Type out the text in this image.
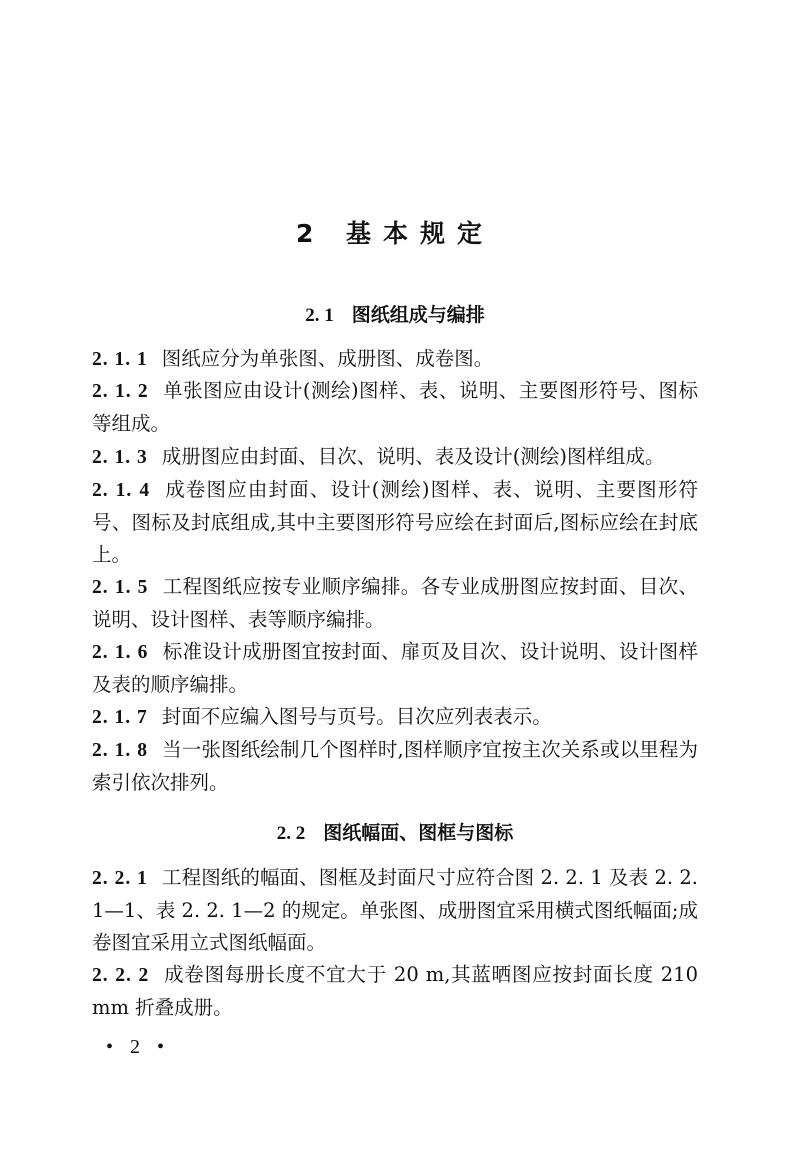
2 基本规定
2. 1 图纸组成与编排
2. 1. 1 图纸应分为单张图、成册图、成卷图。
2. 1. 2 单张图应由设计(测绘)图样、表、说明、主要图形符号、图标等组成。
2. 1. 3 成册图应由封面、目次、说明、表及设计(测绘)图样组成。
2. 1. 4 成卷图应由封面、设计(测绘)图样、表、说明、主要图形符号、图标及封底组成,其中主要图形符号应绘在封面后,图标应绘在封底上。
2. 1. 5 工程图纸应按专业顺序编排。各专业成册图应按封面、目次、说明、设计图样、表等顺序编排。
2. 1. 6 标准设计成册图宜按封面、扉页及目次、设计说明、设计图样及表的顺序编排。
2. 1. 7 封面不应编入图号与页号。目次应列表表示。
2. 1. 8 当一张图纸绘制几个图样时,图样顺序宜按主次关系或以里程为索引依次排列。
2. 2 图纸幅面、图框与图标
2. 2. 1 工程图纸的幅面、图框及封面尺寸应符合图 2. 2. 1 及表 2. 2. 1—1、表 2. 2. 1—2 的规定。单张图、成册图宜采用横式图纸幅面;成卷图宜采用立式图纸幅面。
2. 2. 2 成卷图每册长度不宜大于 20 m,其蓝晒图应按封面长度 210 mm 折叠成册。
• 2 •
